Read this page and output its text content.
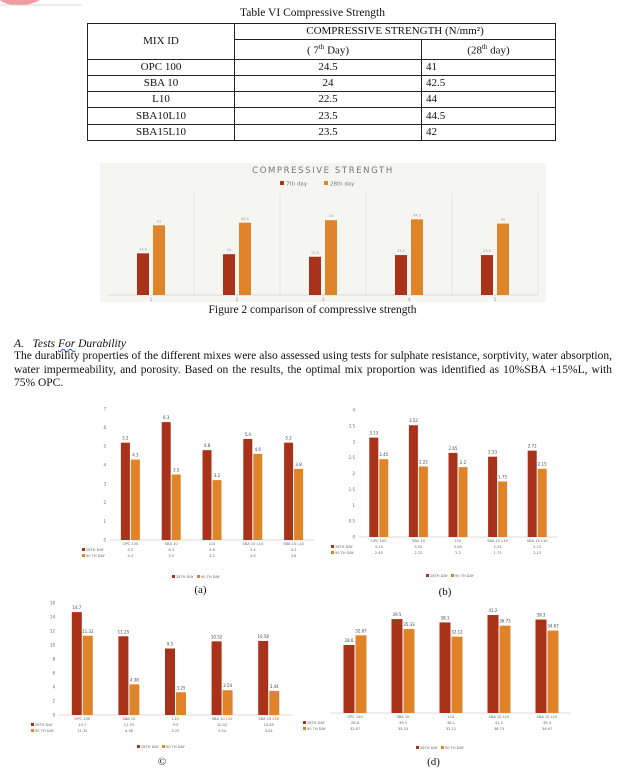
Table VI Compressive Strength
MIX ID	COMPRESSIVE STRENGTH (N/mm²)	
	( 7th Day)	(28th day)
OPC 100	24.5	41
SBA 10	24	42.5
L10	22.5	44
SBA10L10	23.5	44.5
SBA15L10	23.5	42
COMPRESSIVE STRENGTH
7th day	28th day
24.5
41
1
24
42.5
2
22.5
44
3
23.5
44.5
4
23.5
42
5
Figure 2 comparison of compressive strength
A.   Tests For Durability
The durability properties of the different mixes were also assessed using tests for sulphate resistance, sorptivity, water absorption, water impermeability, and porosity. Based on the results, the optimal mix proportion was identified as 10%SBA +15%L, with 75% OPC.
0
1
2
3
4
5
6
7
5.2
4.3
OPC 100
5.2
4.3
6.3
3.5
SBA 10
6.3
3.5
4.8
3.2
L10
4.8
3.2
5.4
4.6
SBA 10 L10
5.4
4.6
5.2
3.8
SBA 15 L10
5.2
3.8
28TH DAY
90 TH DAY
28TH DAY 90 TH DAY
(a)
0
0.5
1
1.5
2
2.5
3
3.5
4
3.13
2.45
OPC 100
3.13
2.45
3.52
2.22
SBA 10
3.52
2.22
2.65
2.2
L10
2.65
2.2
2.53
1.75
SBA 10 L10
2.53
1.75
2.72
2.15
SBA 15 L10
2.72
2.15
28TH DAY
90 TH DAY
28TH DAY 90 TH DAY
(b)
0
2
4
6
8
10
12
14
16
14.7
11.32
OPC 100
14.7
11.32
11.25
4.38
SBA 10
11.25
4.38
9.5
3.25
L10
9.5
3.25
10.52
3.54
SBA 10 L10
10.52
3.54
10.58
3.44
SBA 15 L10
10.58
3.44
28TH DAY
90 TH DAY
28TH DAY 90 TH DAY
©
28.6
32.67
OPC 100
28.6
32.67
39.5
35.33
SBA 10
39.5
35.33
38.1
32.12
L10
38.1
32.12
41.2
36.73
SBA 10 L10
41.2
36.73
39.3
34.67
SBA 15 L10
39.3
34.67
28TH DAY
90 TH DAY
28TH DAY 90 TH DAY
(d)
